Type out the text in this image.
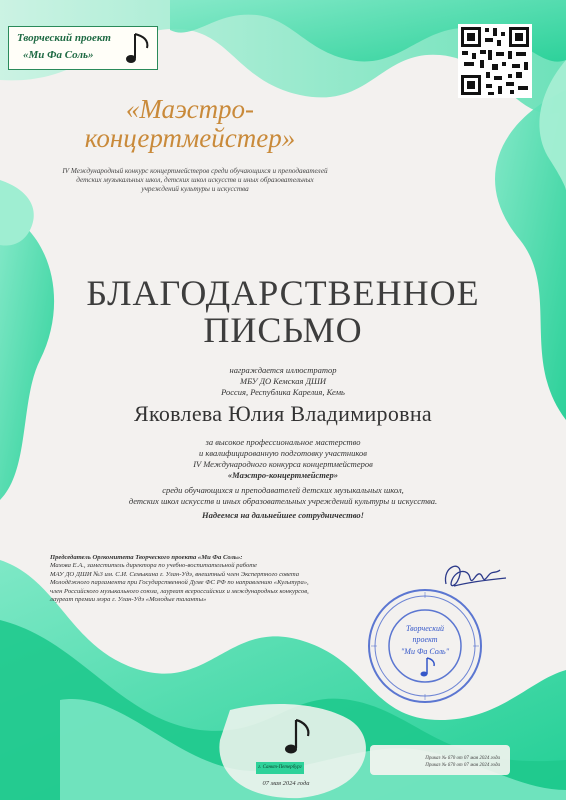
Творческий проект
«Ми Фа Соль»
«Маэстро-
концертмейстер»
IV Международный конкурс концертмейстеров среди обучающихся и преподавателей детских музыкальных школ, детских школ искусств и иных образовательных учреждений культуры и искусства
БЛАГОДАРСТВЕННОЕ
ПИСЬМО
награждается иллюстратор
МБУ ДО Кемская ДШИ
Россия, Республика Карелия, Кемь
Яковлева Юлия Владимировна
за высокое профессиональное мастерство
и квалифицированную подготовку участников
IV Международного конкурса концертмейстеров
«Маэстро-концертмейстер»
среди обучающихся и преподавателей детских музыкальных школ,
детских школ искусств и иных образовательных учреждений культуры и искусства.
Надеемся на дальнейшее сотрудничество!
Председатель Оргкомитета Творческого проекта «Ми Фа Соль»:
Махова Е.А., заместитель директора по учебно-воспитательной работе
МАУ ДО ДШИ №3 им. С.И. Семыкина г. Улан-Удэ, внештный член Экспертного совета
Молодёжного парламента при Государственной Думе ФС РФ по направлению «Культура»,
член Российского музыкального союза, лауреат всероссийских и международных конкурсов,
лауреат премии мэра г. Улан-Удэ «Молодые таланты»
Творческий
проект
"Ми Фа Соль"
г. Санкт-Петербург
07 мая 2024 года
Приказ № 670 от 07 мая 2024 года
Приказ № 670 от 07 мая 2024 года
